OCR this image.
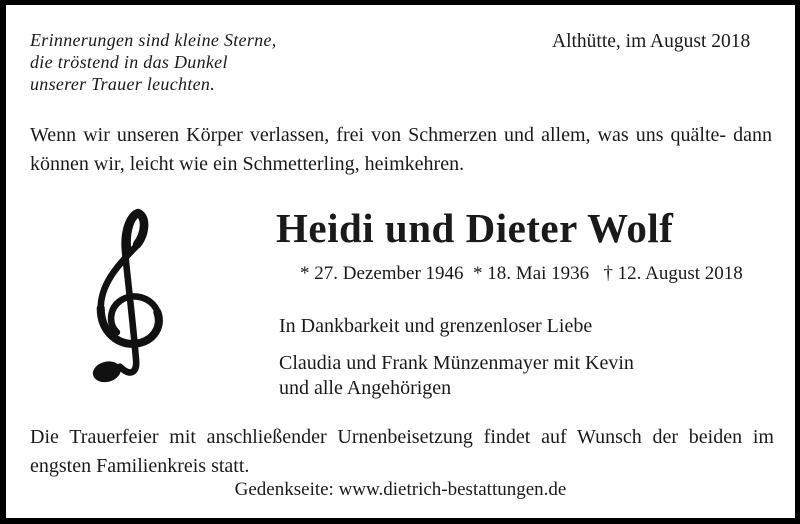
Erinnerungen sind kleine Sterne,
die tröstend in das Dunkel
unserer Trauer leuchten.
Althütte, im August 2018
Wenn wir unseren Körper verlassen, frei von Schmerzen und allem, was uns quälte- dann können wir, leicht wie ein Schmetterling, heimkehren.
Heidi und Dieter Wolf
* 27. Dezember 1946  * 18. Mai 1936   † 12. August 2018
In Dankbarkeit und grenzenloser Liebe
Claudia und Frank Münzenmayer mit Kevin
und alle Angehörigen
Die Trauerfeier mit anschließender Urnenbeisetzung findet auf Wunsch der beiden im engsten Familienkreis statt.
Gedenkseite: www.dietrich-bestattungen.de
